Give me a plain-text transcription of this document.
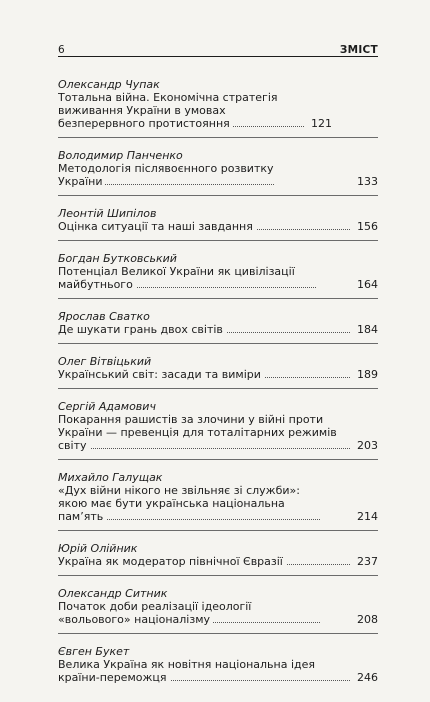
6	ЗМІСТ

Олександр Чупак

Тотальна війна. Економічна стратегія виживання України в умовах безперервного протистояння	121

Володимир Панченко

Методологія післявоєнного розвитку України	133

Леонтій Шипілов

Оцінка ситуації та наші завдання	156

Богдан Бутковський

Потенціал Великої України як цивілізації майбутнього	164

Ярослав Сватко

Де шукати грань двох світів	184

Олег Вітвіцький

Український світ: засади та виміри	189

Сергій Адамович

Покарання рашистів за злочини у війні проти України — превенція для тоталітарних режимів світу	203

Михайло Галущак

«Дух війни нікого не звільняє зі служби»: якою має бути українська національна пам’ять	214

Юрій Олійник

Україна як модератор північної Євразії	237

Олександр Ситник

Початок доби реалізації ідеології «вольового» націоналізму	208

Євген Букет

Велика Україна як новітня національна ідея країни-переможця	246
